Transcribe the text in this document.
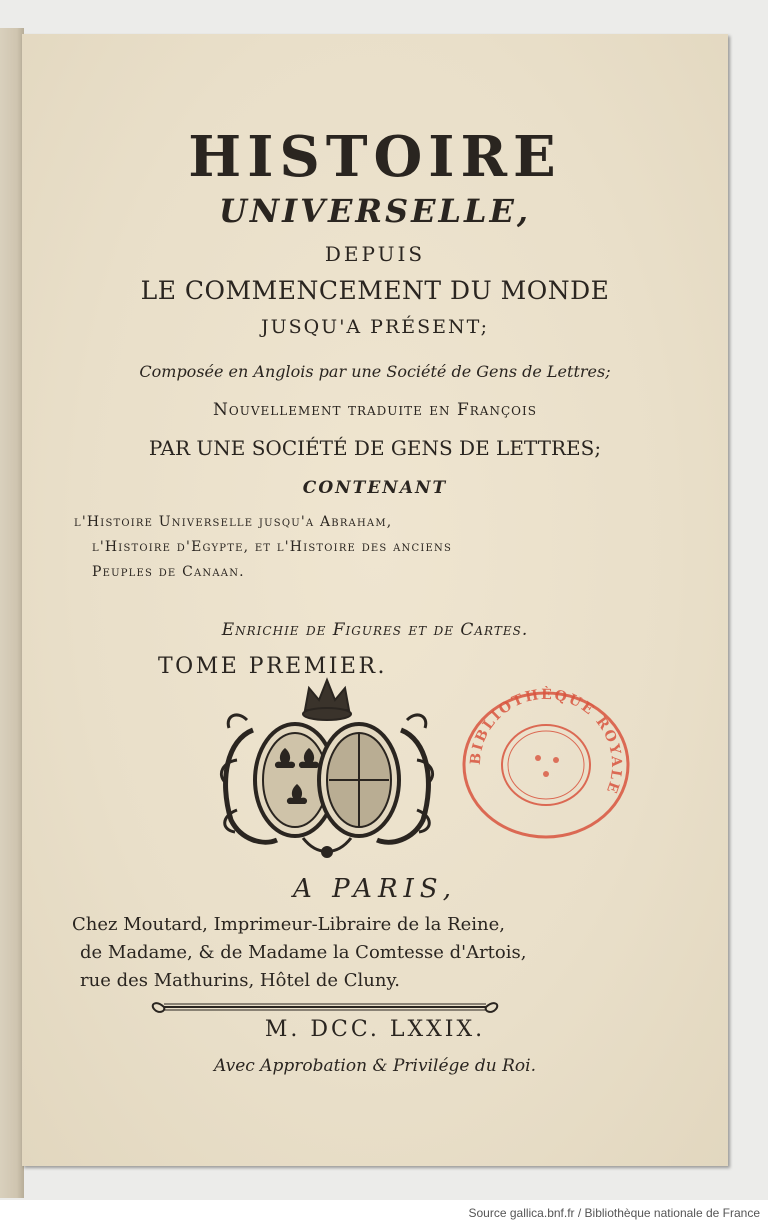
HISTOIRE
UNIVERSELLE,
DEPUIS
LE COMMENCEMENT DU MONDE
JUSQU'A PRÉSENT;
Composée en Anglois par une Société de Gens de Lettres;
Nouvellement traduite en François
PAR UNE SOCIÉTÉ DE GENS DE LETTRES;
CONTENANT
l'Histoire Universelle jusqu'a Abraham,
l'Histoire d'Egypte, et l'Histoire des anciens
Peuples de Canaan.
Enrichie de Figures et de Cartes.
TOME PREMIER.
BIBLIOTHÈQUE ROYALE
A PARIS,
Chez Moutard, Imprimeur-Libraire de la Reine,
de Madame, & de Madame la Comtesse d'Artois,
rue des Mathurins, Hôtel de Cluny.
M. DCC. LXXIX.
Avec Approbation & Privilége du Roi.
Source gallica.bnf.fr / Bibliothèque nationale de France
